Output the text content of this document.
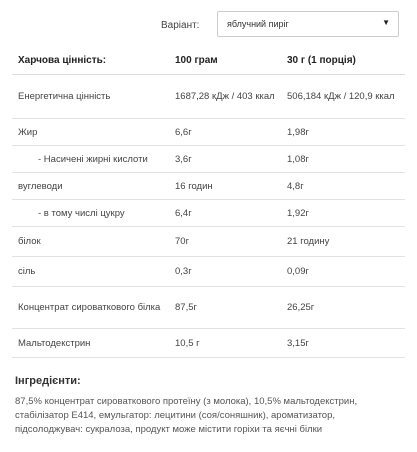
Варіант:	яблучний пиріг	▼
Харчова цінність:	100 грам	30 г (1 порція)
Енергетична цінність	1687,28 кДж / 403 ккал	506,184 кДж / 120,9 ккал
Жир	6,6г	1,98г
- Насичені жирні кислоти	3,6г	1,08г
вуглеводи	16 годин	4,8г
- в тому числі цукру	6,4г	1,92г
білок	70г	21 годину
сіль	0,3г	0,09г
Концентрат сироваткового білка	87,5г	26,25г
Мальтодекстрин	10,5 г	3,15г
Інгредієнти:
87,5% концентрат сироваткового протеїну (з молока), 10,5% мальтодекстрин, стабілізатор E414, емульгатор: лецитини (соя/соняшник), ароматизатор, підсолоджувач: сукралоза, продукт може містити горіхи та яєчні білки
